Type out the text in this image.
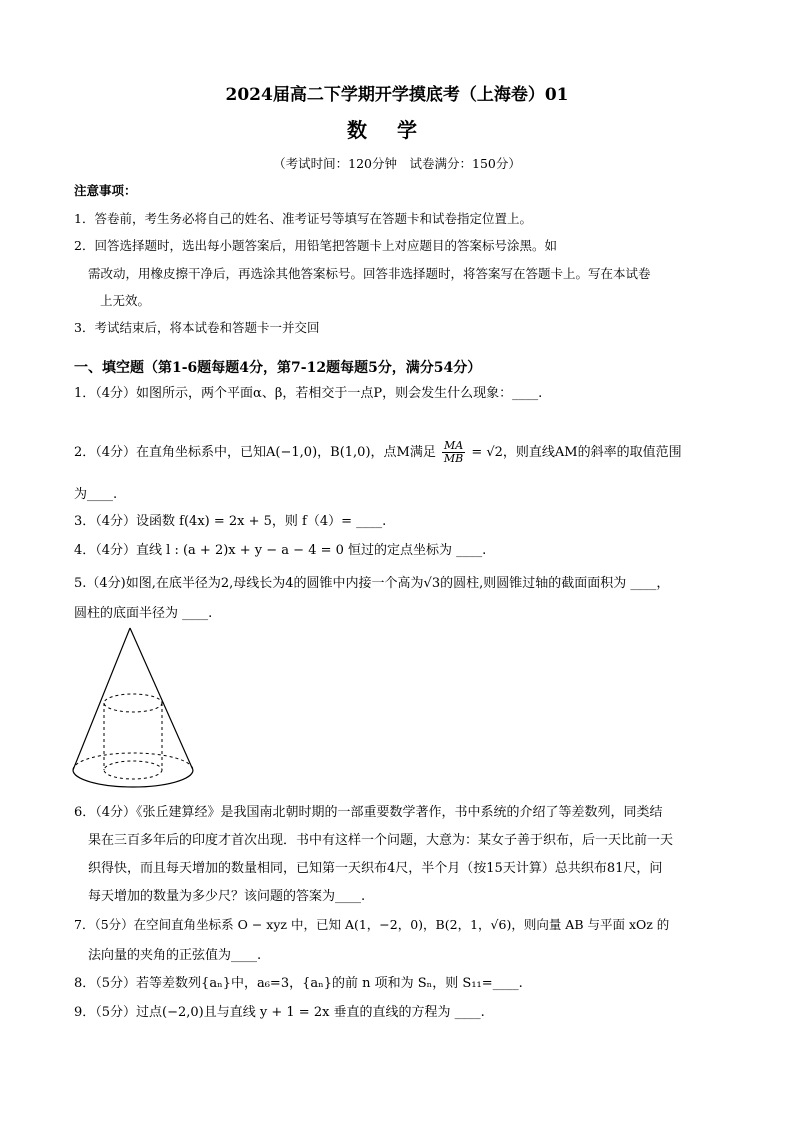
2024届高二下学期开学摸底考（上海卷）01
数学
（考试时间：120分钟　试卷满分：150分）
注意事项：
1．答卷前，考生务必将自己的姓名、准考证号等填写在答题卡和试卷指定位置上。
2．回答选择题时，选出每小题答案后，用铅笔把答题卡上对应题目的答案标号涂黑。如
需改动，用橡皮擦干净后，再选涂其他答案标号。回答非选择题时，将答案写在答题卡上。写在本试卷
上无效。
3．考试结束后，将本试卷和答题卡一并交回
一、填空题（第1-6题每题4分，第7-12题每题5分，满分54分）
1．（4分）如图所示，两个平面α、β，若相交于一点P，则会发生什么现象：____.
2．（4分）在直角坐标系中，已知A(−1,0)，B(1,0)，点M满足 $\frac{MA}{MB} = √2$，则直线AM的斜率的取值范围
为____.
3．（4分）设函数 f(4x) = 2x + 5，则 f（4）= ____.
4．（4分）直线 l : (a + 2)x + y − a − 4 = 0 恒过的定点坐标为 ____.
5.（4分)如图,在底半径为2,母线长为4的圆锥中内接一个高为√3的圆柱,则圆锥过轴的截面面积为 ____，
圆柱的底面半径为 ____.
6．（4分）《张丘建算经》是我国南北朝时期的一部重要数学著作，书中系统的介绍了等差数列，同类结
果在三百多年后的印度才首次出现．书中有这样一个问题，大意为：某女子善于织布，后一天比前一天
织得快，而且每天增加的数量相同，已知第一天织布4尺，半个月（按15天计算）总共织布81尺，问
每天增加的数量为多少尺？该问题的答案为____.
7．（5分）在空间直角坐标系 O − xyz 中，已知 A(1，−2，0)，B(2，1，√6)，则向量 AB 与平面 xOz 的
法向量的夹角的正弦值为____.
8．（5分）若等差数列{aₙ}中，a₆=3，{aₙ}的前 n 项和为 Sₙ，则 S₁₁=____.
9．（5分）过点(−2,0)且与直线 y + 1 = 2x 垂直的直线的方程为 ____.
